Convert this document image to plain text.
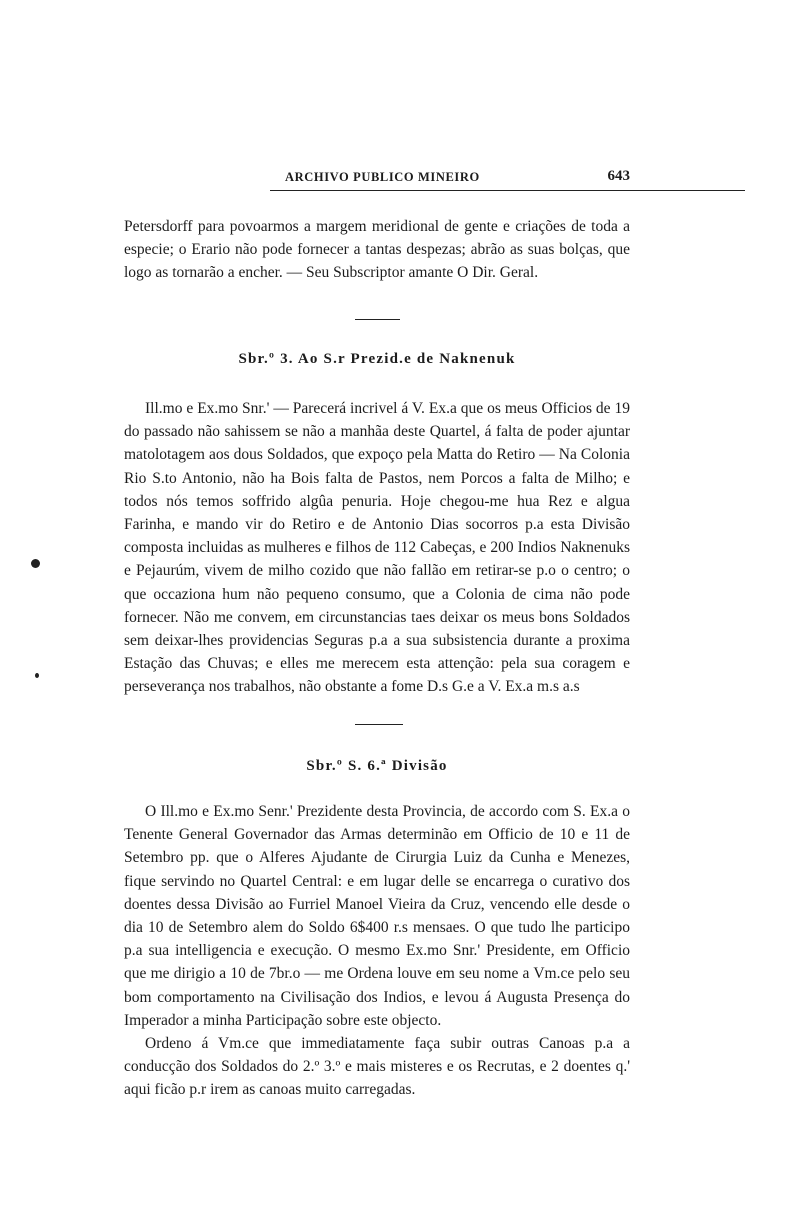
ARCHIVO PUBLICO MINEIRO	643

Petersdorff para povoarmos a margem meridional de gente e criações de toda a especie; o Erario não pode fornecer a tantas despezas; abrão as suas bolças, que logo as tornarão a encher. — Seu Subscriptor amante O Dir. Geral.

Sbr.º 3. Ao S.r Prezid.e de Naknenuk

Ill.mo e Ex.mo Snr.' — Parecerá incrivel á V. Ex.a que os meus Officios de 19 do passado não sahissem se não a manhãa deste Quartel, á falta de poder ajuntar matolotagem aos dous Soldados, que expoço pela Matta do Retiro — Na Colonia Rio S.to Antonio, não ha Bois falta de Pastos, nem Porcos a falta de Milho; e todos nós temos soffrido algûa penuria. Hoje chegou-me hua Rez e algua Farinha, e mando vir do Retiro e de Antonio Dias socorros p.a esta Divisão composta incluidas as mulheres e filhos de 112 Cabeças, e 200 Indios Naknenuks e Pejaurúm, vivem de milho cozido que não fallão em retirar-se p.o o centro; o que occaziona hum não pequeno consumo, que a Colonia de cima não pode fornecer. Não me convem, em circunstancias taes deixar os meus bons Soldados sem deixar-lhes providencias Seguras p.a a sua subsistencia durante a proxima Estação das Chuvas; e elles me merecem esta attenção: pela sua coragem e perseverança nos trabalhos, não obstante a fome D.s G.e a V. Ex.a m.s a.s

Sbr.º S. 6.ª Divisão

O Ill.mo e Ex.mo Senr.' Prezidente desta Provincia, de accordo com S. Ex.a o Tenente General Governador das Armas determinão em Officio de 10 e 11 de Setembro pp. que o Alferes Ajudante de Cirurgia Luiz da Cunha e Menezes, fique servindo no Quartel Central: e em lugar delle se encarrega o curativo dos doentes dessa Divisão ao Furriel Manoel Vieira da Cruz, vencendo elle desde o dia 10 de Setembro alem do Soldo 6$400 r.s mensaes. O que tudo lhe participo p.a sua intelligencia e execução. O mesmo Ex.mo Snr.' Presidente, em Officio que me dirigio a 10 de 7br.o — me Ordena louve em seu nome a Vm.ce pelo seu bom comportamento na Civilisação dos Indios, e levou á Augusta Presença do Imperador a minha Participação sobre este objecto.

Ordeno á Vm.ce que immediatamente faça subir outras Canoas p.a a conducção dos Soldados do 2.º 3.º e mais misteres e os Recrutas, e 2 doentes q.' aqui ficão p.r irem as canoas muito carregadas.
